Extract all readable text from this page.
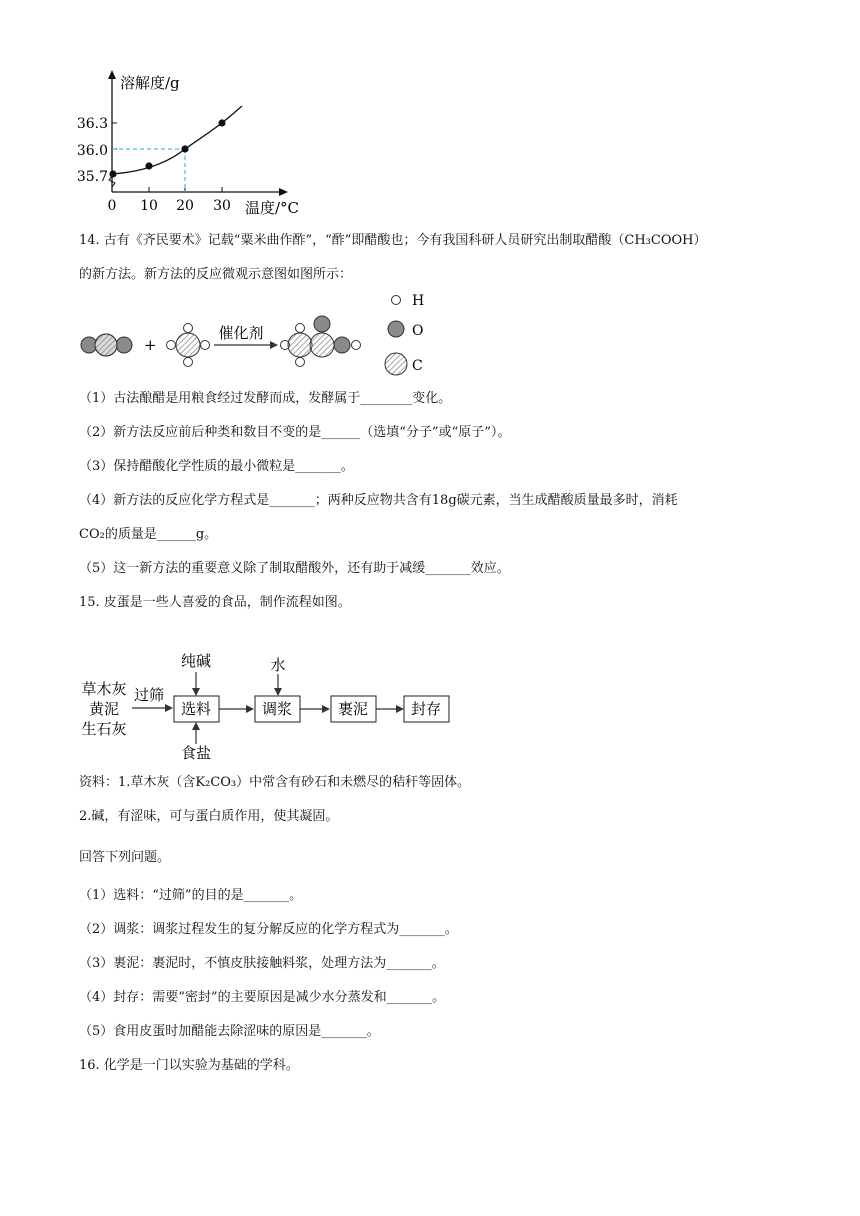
溶解度/g
36.3
36.0
35.7
0 10 20 30 温度/°C
14. 古有《齐民要术》记载“粟米曲作酢”，“酢”即醋酸也；今有我国科研人员研究出制取醋酸（CH₃COOH）
的新方法。新方法的反应微观示意图如图所示：
+
催化剂
H
O
C
（1）古法酿醋是用粮食经过发酵而成，发酵属于________变化。
（2）新方法反应前后种类和数目不变的是______（选填“分子”或“原子”）。
（3）保持醋酸化学性质的最小微粒是_______。
（4）新方法的反应化学方程式是_______；两种反应物共含有18g碳元素，当生成醋酸质量最多时，消耗
CO₂的质量是______g。
（5）这一新方法的重要意义除了制取醋酸外，还有助于减缓_______效应。
15. 皮蛋是一些人喜爱的食品，制作流程如图。
草木灰
黄泥
生石灰
过筛
选料
纯碱
食盐
调浆
水
裹泥	封存
资料：1.草木灰（含K₂CO₃）中常含有砂石和未燃尽的秸秆等固体。
2.碱，有涩味，可与蛋白质作用，使其凝固。
回答下列问题。
（1）选料：“过筛”的目的是_______。
（2）调浆：调浆过程发生的复分解反应的化学方程式为_______。
（3）裹泥：裹泥时，不慎皮肤接触料浆，处理方法为_______。
（4）封存：需要“密封”的主要原因是减少水分蒸发和_______。
（5）食用皮蛋时加醋能去除涩味的原因是_______。
16. 化学是一门以实验为基础的学科。
